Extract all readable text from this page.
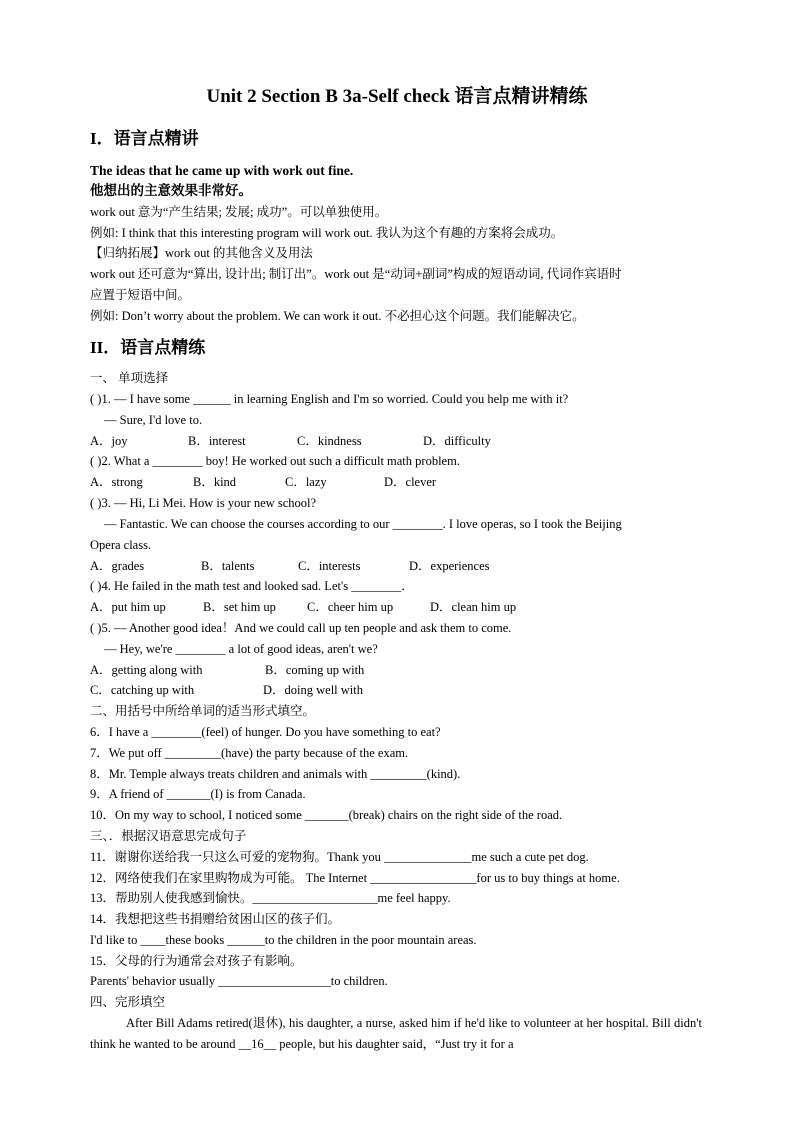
Unit 2 Section B 3a-Self check 语言点精讲精练
I．语言点精讲
The ideas that he came up with work out fine.
他想出的主意效果非常好。
work out 意为“产生结果; 发展; 成功”。可以单独使用。
例如: I think that this interesting program will work out. 我认为这个有趣的方案将会成功。
【归纳拓展】work out 的其他含义及用法
work out 还可意为“算出, 设计出; 制订出”。work out 是“动词+副词”构成的短语动词, 代词作宾语时
应置于短语中间。
例如: Don’t worry about the problem. We can work it out. 不必担心这个问题。我们能解决它。
II．语言点精练
一、 单项选择
( )1. — I have some ______ in learning English and I'm so worried. Could you help me with it?
— Sure, I'd love to.
A．joy	B．interest	C．kindness	D．difficulty
( )2. What a ________ boy! He worked out such a difficult math problem.
A．strong	B．kind	C．lazy	D．clever
( )3. — Hi, Li Mei. How is your new school?
— Fantastic. We can choose the courses according to our ________. I love operas, so I took the Beijing
Opera class.
A．grades	B．talents	C．interests	D．experiences
( )4. He failed in the math test and looked sad. Let's ________．
A．put him up	B．set him up C．cheer him up	D．clean him up
( )5. — Another good idea！And we could call up ten people and ask them to come.
— Hey, we're ________ a lot of good ideas, aren't we?
A．getting along with	B．coming up with
C．catching up with	D．doing well with
二、用括号中所给单词的适当形式填空。
6．I have a ________(feel) of hunger. Do you have something to eat?
7．We put off _________(have) the party because of the exam.
8．Mr. Temple always treats children and animals with _________(kind).
9．A friend of _______(I) is from Canada.
10．On my way to school, I noticed some _______(break) chairs on the right side of the road.
三、．根据汉语意思完成句子
11．谢谢你送给我一只这么可爱的宠物狗。Thank you ______________me such a cute pet dog.
12．网络使我们在家里购物成为可能。 The Internet _________________for us to buy things at home.
13．帮助别人使我感到愉快。____________________me feel happy.
14．我想把这些书捐赠给贫困山区的孩子们。
I'd like to ____these books ______to the children in the poor mountain areas.
15．父母的行为通常会对孩子有影响。
Parents' behavior usually __________________to children.
四、完形填空
After Bill Adams retired(退休), his daughter, a nurse, asked him if he'd like to volunteer at her hospital. Bill didn't think he wanted to be around __16__ people, but his daughter said，“Just try it for a
